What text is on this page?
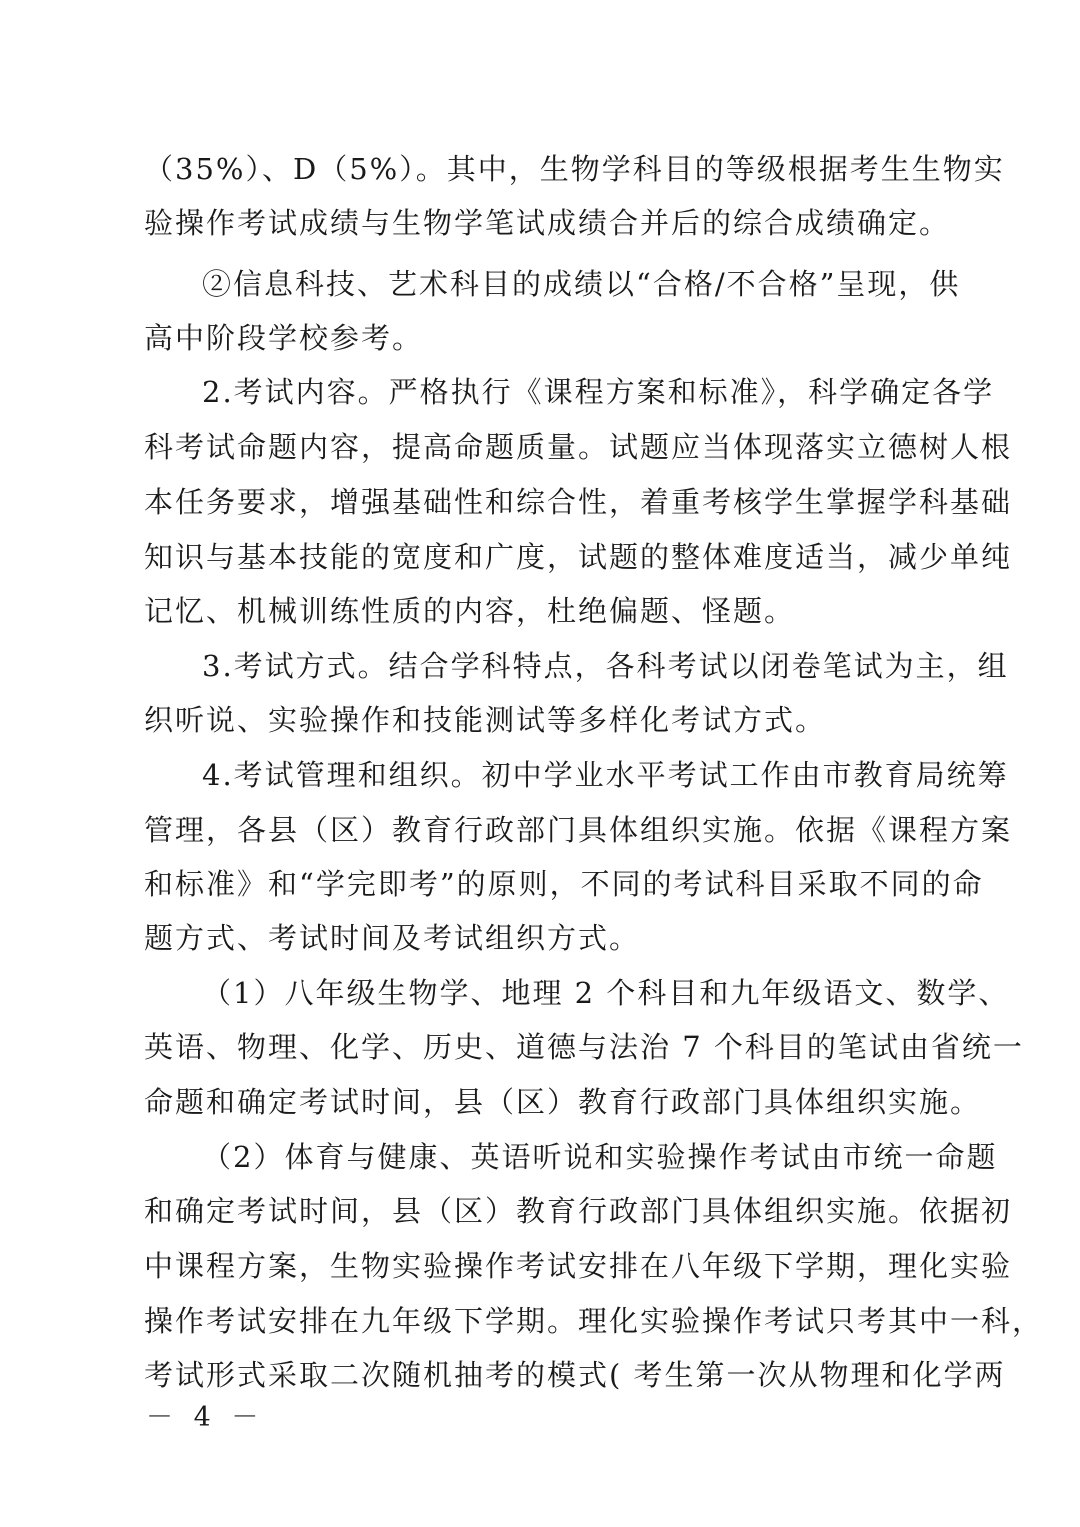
（35%）、D（5%）。其中，生物学科目的等级根据考生生物实
验操作考试成绩与生物学笔试成绩合并后的综合成绩确定。
②信息科技、艺术科目的成绩以“合格/不合格”呈现，供
高中阶段学校参考。
2.考试内容。严格执行《课程方案和标准》，科学确定各学
科考试命题内容，提高命题质量。试题应当体现落实立德树人根
本任务要求，增强基础性和综合性，着重考核学生掌握学科基础
知识与基本技能的宽度和广度，试题的整体难度适当，减少单纯
记忆、机械训练性质的内容，杜绝偏题、怪题。
3.考试方式。结合学科特点，各科考试以闭卷笔试为主，组
织听说、实验操作和技能测试等多样化考试方式。
4.考试管理和组织。初中学业水平考试工作由市教育局统筹
管理，各县（区）教育行政部门具体组织实施。依据《课程方案
和标准》和“学完即考”的原则，不同的考试科目采取不同的命
题方式、考试时间及考试组织方式。
（1）八年级生物学、地理 2 个科目和九年级语文、数学、
英语、物理、化学、历史、道德与法治 7 个科目的笔试由省统一
命题和确定考试时间，县（区）教育行政部门具体组织实施。
（2）体育与健康、英语听说和实验操作考试由市统一命题
和确定考试时间，县（区）教育行政部门具体组织实施。依据初
中课程方案，生物实验操作考试安排在八年级下学期，理化实验
操作考试安排在九年级下学期。理化实验操作考试只考其中一科，
考试形式采取二次随机抽考的模式( 考生第一次从物理和化学两
－ 4 －
